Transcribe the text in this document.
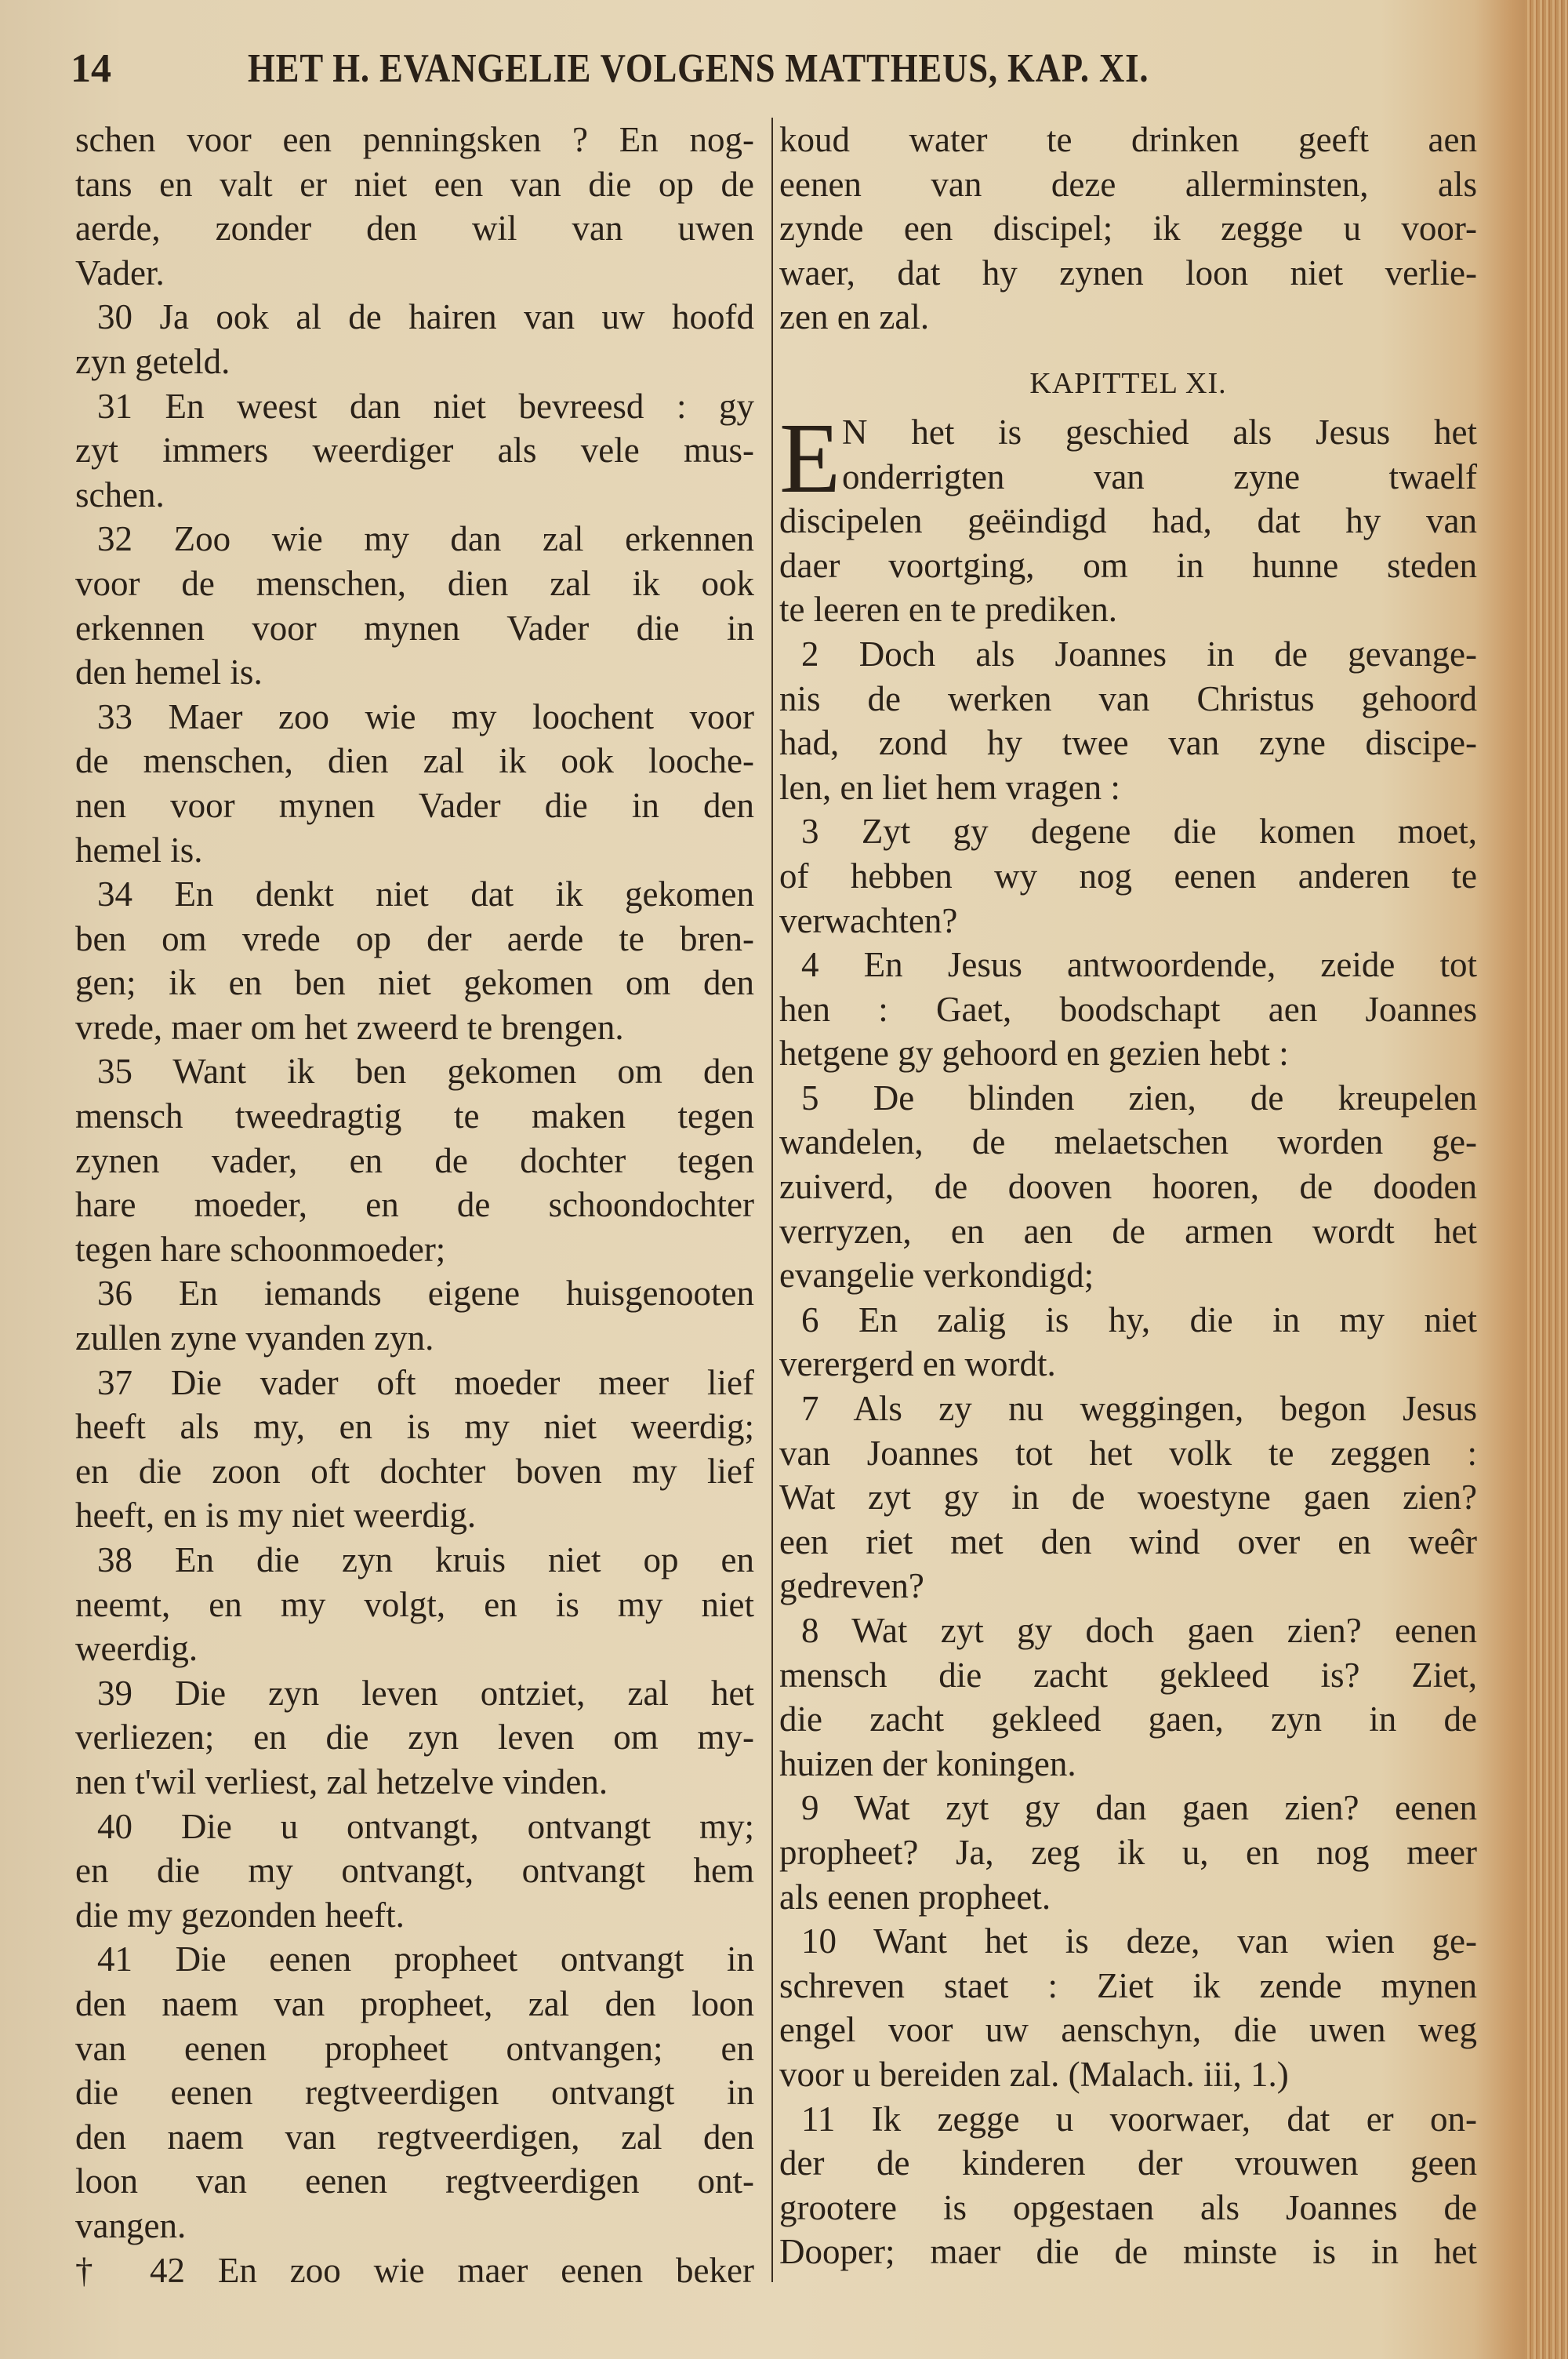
14	HET H. EVANGELIE VOLGENS MATTHEUS, KAP. XI.
schen voor een penningsken ? En nog-
tans en valt er niet een van die op de
aerde, zonder den wil van uwen
Vader.
30 Ja ook al de hairen van uw hoofd
zyn geteld.
31 En weest dan niet bevreesd : gy
zyt immers weerdiger als vele mus-
schen.
32 Zoo wie my dan zal erkennen
voor de menschen, dien zal ik ook
erkennen voor mynen Vader die in
den hemel is.
33 Maer zoo wie my loochent voor
de menschen, dien zal ik ook looche-
nen voor mynen Vader die in den
hemel is.
34 En denkt niet dat ik gekomen
ben om vrede op der aerde te bren-
gen; ik en ben niet gekomen om den
vrede, maer om het zweerd te brengen.
35 Want ik ben gekomen om den
mensch tweedragtig te maken tegen
zynen vader, en de dochter tegen
hare moeder, en de schoondochter
tegen hare schoonmoeder;
36 En iemands eigene huisgenooten
zullen zyne vyanden zyn.
37 Die vader oft moeder meer lief
heeft als my, en is my niet weerdig;
en die zoon oft dochter boven my lief
heeft, en is my niet weerdig.
38 En die zyn kruis niet op en
neemt, en my volgt, en is my niet
weerdig.
39 Die zyn leven ontziet, zal het
verliezen; en die zyn leven om my-
nen t'wil verliest, zal hetzelve vinden.
40 Die u ontvangt, ontvangt my;
en die my ontvangt, ontvangt hem
die my gezonden heeft.
41 Die eenen propheet ontvangt in
den naem van propheet, zal den loon
van eenen propheet ontvangen; en
die eenen regtveerdigen ontvangt in
den naem van regtveerdigen, zal den
loon van eenen regtveerdigen ont-
vangen.
† 42 En zoo wie maer eenen beker
koud water te drinken geeft aen
eenen van deze allerminsten, als
zynde een discipel; ik zegge u voor-
waer, dat hy zynen loon niet verlie-
zen en zal.
KAPITTEL XI.
E N het is geschied als Jesus het
onderrigten van zyne twaelf
discipelen geëindigd had, dat hy van
daer voortging, om in hunne steden
te leeren en te prediken.
2 Doch als Joannes in de gevange-
nis de werken van Christus gehoord
had, zond hy twee van zyne discipe-
len, en liet hem vragen :
3 Zyt gy degene die komen moet,
of hebben wy nog eenen anderen te
verwachten?
4 En Jesus antwoordende, zeide tot
hen : Gaet, boodschapt aen Joannes
hetgene gy gehoord en gezien hebt :
5 De blinden zien, de kreupelen
wandelen, de melaetschen worden ge-
zuiverd, de dooven hooren, de dooden
verryzen, en aen de armen wordt het
evangelie verkondigd;
6 En zalig is hy, die in my niet
verergerd en wordt.
7 Als zy nu weggingen, begon Jesus
van Joannes tot het volk te zeggen :
Wat zyt gy in de woestyne gaen zien?
een riet met den wind over en weêr
gedreven?
8 Wat zyt gy doch gaen zien? eenen
mensch die zacht gekleed is? Ziet,
die zacht gekleed gaen, zyn in de
huizen der koningen.
9 Wat zyt gy dan gaen zien? eenen
propheet? Ja, zeg ik u, en nog meer
als eenen propheet.
10 Want het is deze, van wien ge-
schreven staet : Ziet ik zende mynen
engel voor uw aenschyn, die uwen weg
voor u bereiden zal. (Malach. iii, 1.)
11 Ik zegge u voorwaer, dat er on-
der de kinderen der vrouwen geen
grootere is opgestaen als Joannes de
Dooper; maer die de minste is in het
